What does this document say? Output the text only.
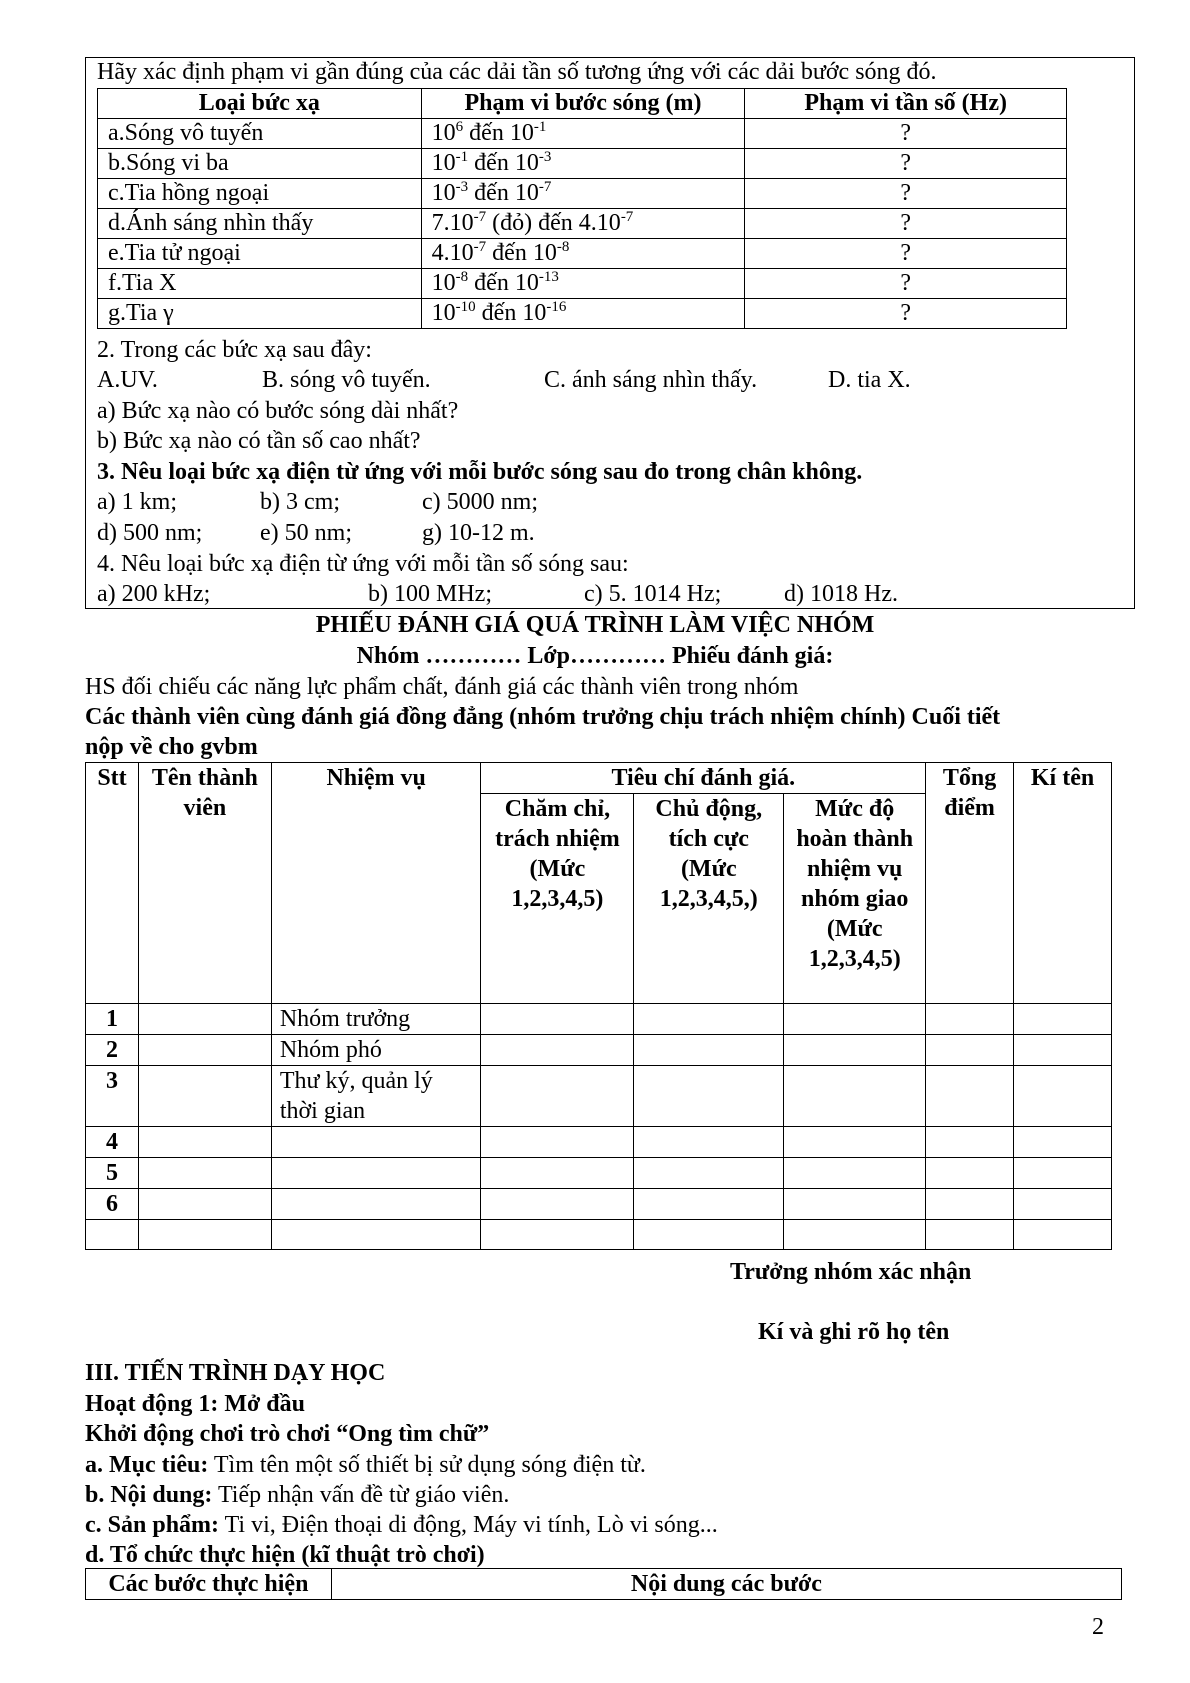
Hãy xác định phạm vi gần đúng của các dải tần số tương ứng với các dải bước sóng đó.
Loại bức xạ	Phạm vi bước sóng (m)	Phạm vi tần số (Hz)
a.Sóng vô tuyến	$10^6$ đến $10^{-1}$	?
b.Sóng vi ba	$10^{-1}$ đến $10^{-3}$	?
c.Tia hồng ngoại	$10^{-3}$ đến $10^{-7}$	?
d.Ánh sáng nhìn thấy	$7.10^{-7}$ (đỏ) đến $4.10^{-7}$	?
e.Tia tử ngoại	$4.10^{-7}$ đến $10^{-8}$	?
f.Tia X	$10^{-8}$ đến $10^{-13}$	?
g.Tia γ	$10^{-10}$ đến $10^{-16}$	?
2. Trong các bức xạ sau đây:
A.UV.	B. sóng vô tuyến.	C. ánh sáng nhìn thấy.	D. tia X.
a) Bức xạ nào có bước sóng dài nhất?
b) Bức xạ nào có tần số cao nhất?
3. Nêu loại bức xạ điện từ ứng với mỗi bước sóng sau đo trong chân không.
a) 1 km;	b) 3 cm;	c) 5000 nm;
d) 500 nm; e) 50 nm;	g) 10-12 m.
4. Nêu loại bức xạ điện từ ứng với mỗi tần số sóng sau:
a) 200 kHz;	b) 100 MHz;	c) 5. 1014 Hz;	d) 1018 Hz.
PHIẾU ĐÁNH GIÁ QUÁ TRÌNH LÀM VIỆC NHÓM
Nhóm ………… Lớp………… Phiếu đánh giá:
HS đối chiếu các năng lực phẩm chất, đánh giá các thành viên trong nhóm
Các thành viên cùng đánh giá đồng đẳng (nhóm trưởng chịu trách nhiệm chính) Cuối tiết
nộp về cho gvbm
Stt	Tên thành viên	Nhiệm vụ	Tiêu chí đánh giá.			Tổng điểm	Kí tên
			Chăm chỉ, trách nhiệm (Mức 1,2,3,4,5)	Chủ động, tích cực (Mức 1,2,3,4,5,)	Mức độ hoàn thành nhiệm vụ nhóm giao (Mức 1,2,3,4,5)		
1		Nhóm trưởng					
2		Nhóm phó					
3		Thư ký, quản lý thời gian					
4							
5							
6							

Trưởng nhóm xác nhận
Kí và ghi rõ họ tên
III. TIẾN TRÌNH DẠY HỌC
Hoạt động 1: Mở đầu
Khởi động chơi trò chơi “Ong tìm chữ”
a. Mục tiêu: Tìm tên một số thiết bị sử dụng sóng điện từ.
b. Nội dung: Tiếp nhận vấn đề từ giáo viên.
c. Sản phẩm: Ti vi, Điện thoại di động, Máy vi tính, Lò vi sóng...
d. Tổ chức thực hiện (kĩ thuật trò chơi)
Các bước thực hiện	Nội dung các bước
2
